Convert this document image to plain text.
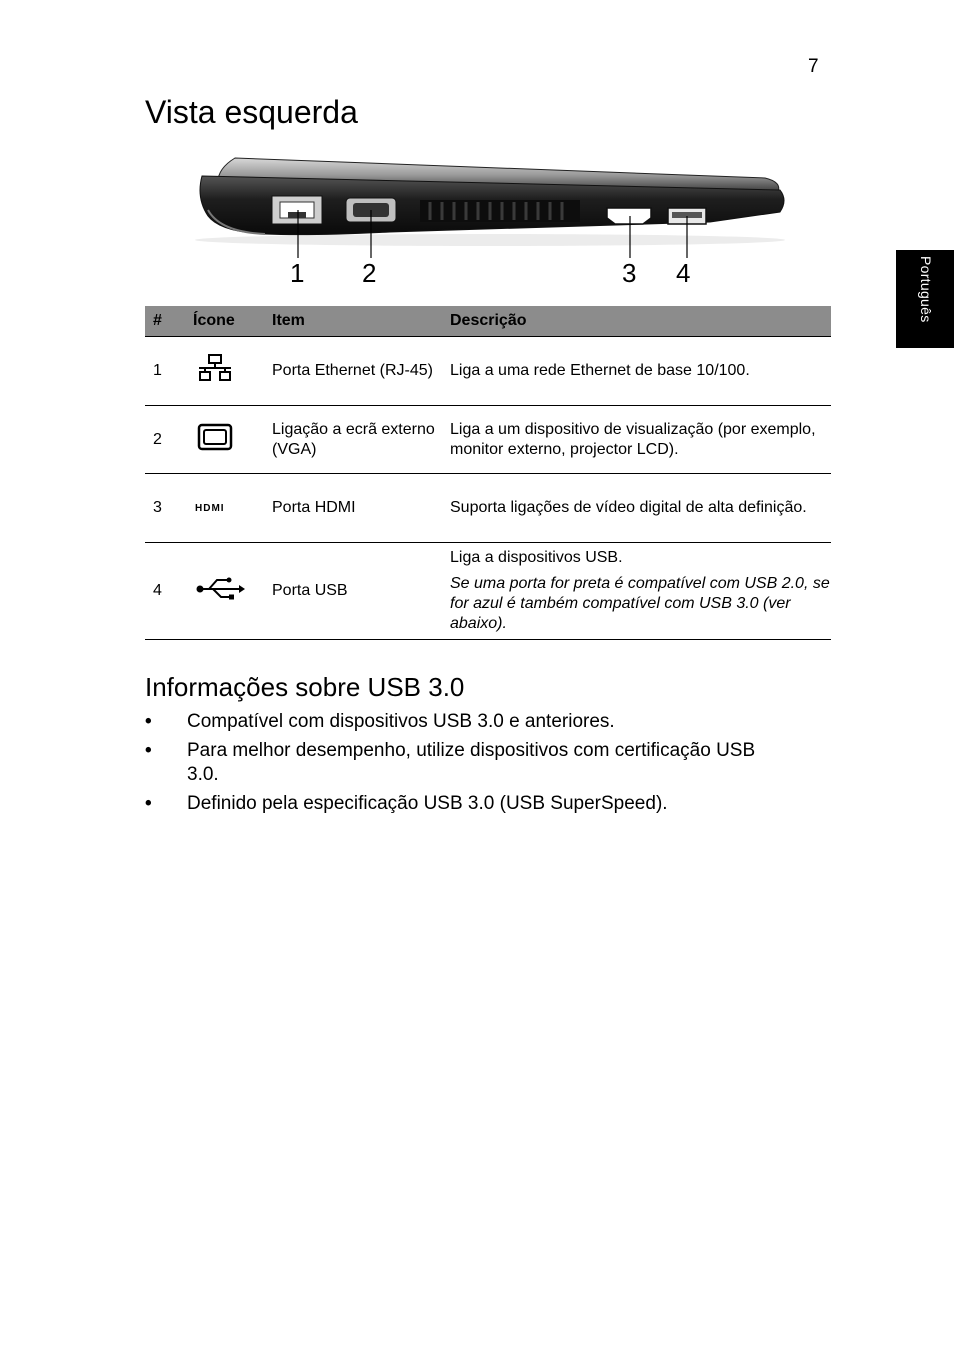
7
Vista esquerda
Português
1 2	3 4
#	Ícone	Item	Descrição
1		Porta Ethernet (RJ-45)	Liga a uma rede Ethernet de base 10/100.
2		Ligação a ecrã externo (VGA)	Liga a um dispositivo de visualização (por exemplo, monitor externo, projector LCD).
3	HDMI	Porta HDMI	Suporta ligações de vídeo digital de alta definição.
4		Porta USB	Liga a dispositivos USB.
Se uma porta for preta é compatível com USB 2.0, se for azul é também compatível com USB 3.0 (ver abaixo).
Informações sobre USB 3.0
• Compatível com dispositivos USB 3.0 e anteriores.
• Para melhor desempenho, utilize dispositivos com certificação USB 3.0.
• Definido pela especificação USB 3.0 (USB SuperSpeed).
